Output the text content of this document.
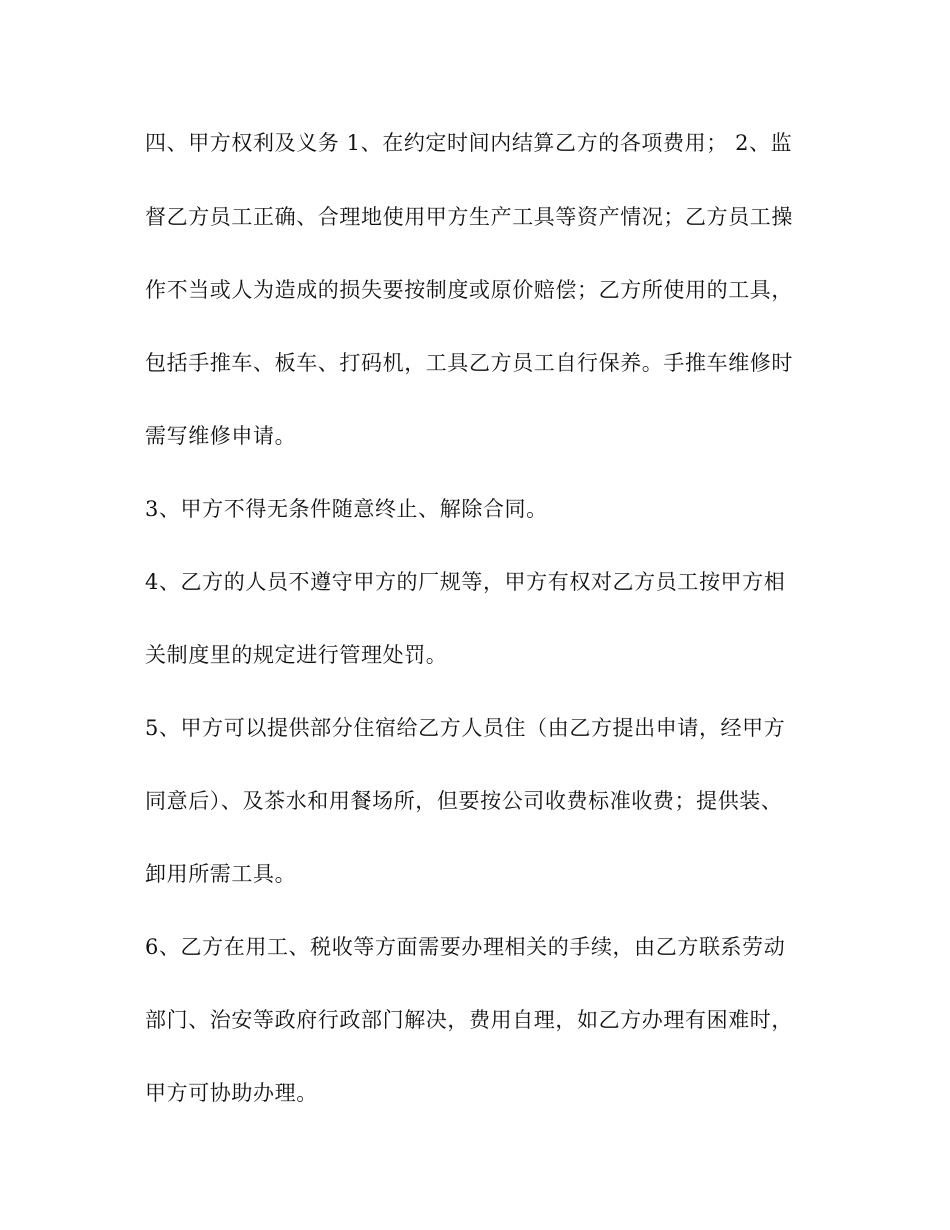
四、甲方权利及义务 1、在约定时间内结算乙方的各项费用； 2、监
督乙方员工正确、合理地使用甲方生产工具等资产情况；乙方员工操
作不当或人为造成的损失要按制度或原价赔偿；乙方所使用的工具，
包括手推车、板车、打码机，工具乙方员工自行保养。手推车维修时
需写维修申请。
3、甲方不得无条件随意终止、解除合同。
4、乙方的人员不遵守甲方的厂规等，甲方有权对乙方员工按甲方相
关制度里的规定进行管理处罚。
5、甲方可以提供部分住宿给乙方人员住（由乙方提出申请，经甲方
同意后）、及茶水和用餐场所，但要按公司收费标准收费；提供装、
卸用所需工具。
6、乙方在用工、税收等方面需要办理相关的手续，由乙方联系劳动
部门、治安等政府行政部门解决，费用自理，如乙方办理有困难时，
甲方可协助办理。
